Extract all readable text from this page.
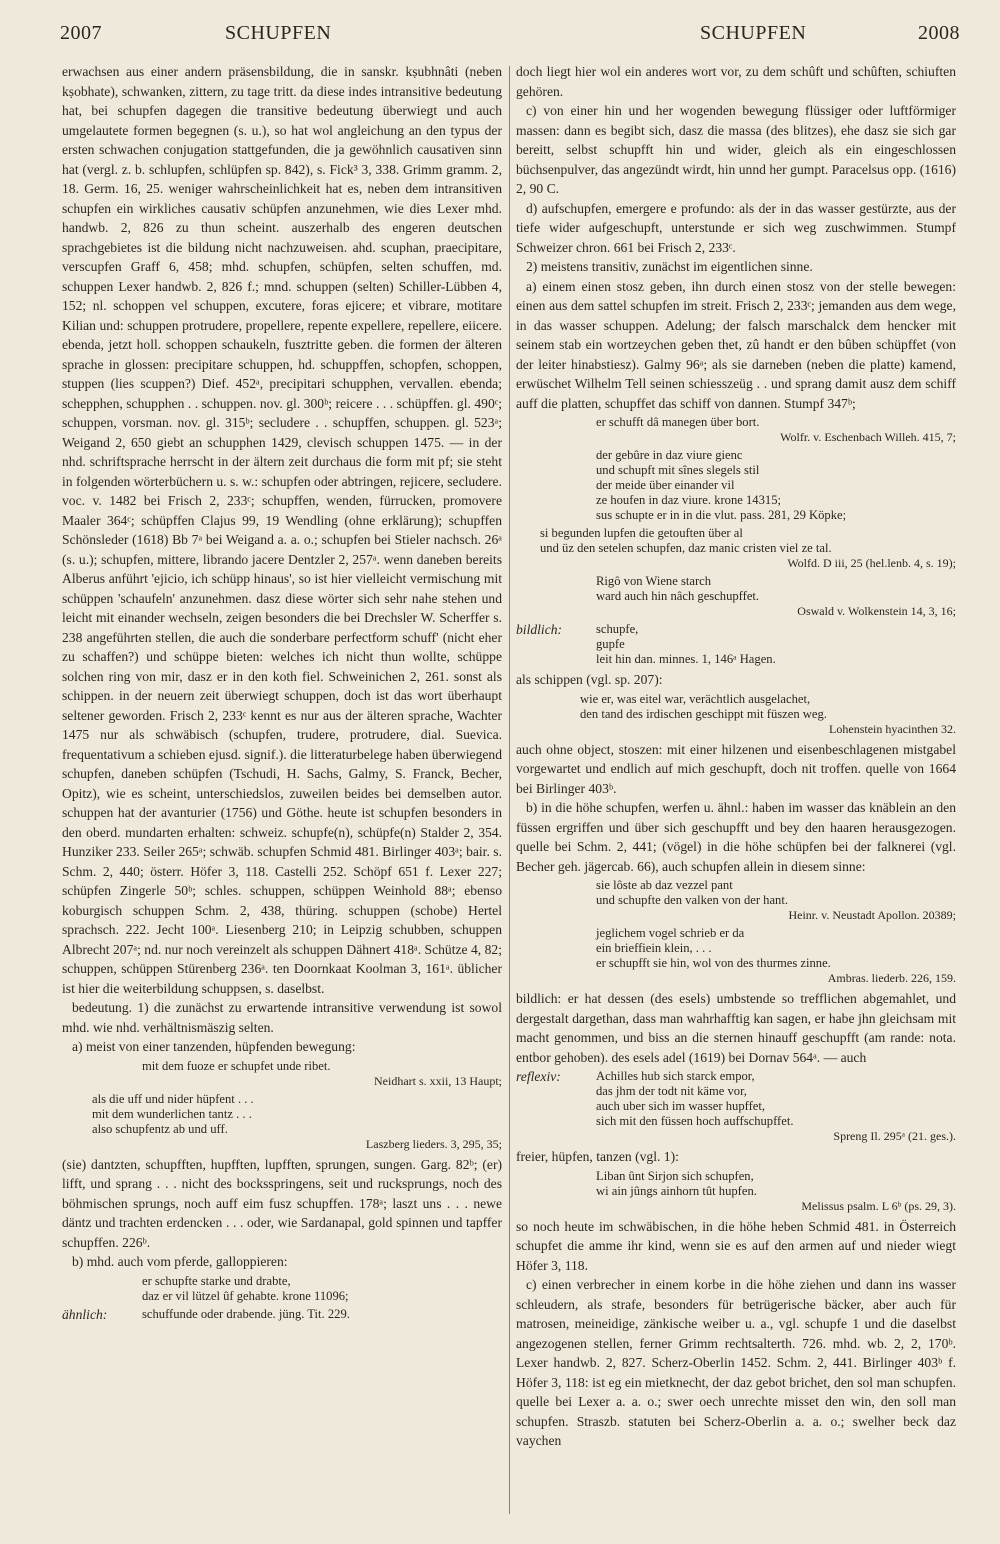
2007	SCHUPFEN	SCHUPFEN	2008

erwachsen aus einer andern präsensbildung, die in sanskr. kṣubhnâti (neben kṣobhate), schwanken, zittern, zu tage tritt. da diese indes intransitive bedeutung hat, bei schupfen dagegen die transitive bedeutung überwiegt und auch umgelautete formen begegnen (s. u.), so hat wol angleichung an den typus der ersten schwachen conjugation stattgefunden, die ja gewöhnlich causativen sinn hat (vergl. z. b. schlupfen, schlüpfen sp. 842), s. Fick³ 3, 338. Grimm gramm. 2, 18. Germ. 16, 25. weniger wahrscheinlichkeit hat es, neben dem intransitiven schupfen ein wirkliches causativ schüpfen anzunehmen, wie dies Lexer mhd. handwb. 2, 826 zu thun scheint. auszerhalb des engeren deutschen sprachgebietes ist die bildung nicht nachzuweisen. ahd. scuphan, praecipitare, verscupfen Graff 6, 458; mhd. schupfen, schüpfen, selten schuffen, md. schuppen Lexer handwb. 2, 826 f.; mnd. schuppen (selten) Schiller-Lübben 4, 152; nl. schoppen vel schuppen, excutere, foras ejicere; et vibrare, motitare Kilian und: schuppen protrudere, propellere, repente expellere, repellere, eiicere. ebenda, jetzt holl. schoppen schaukeln, fusztritte geben. die formen der älteren sprache in glossen: precipitare schuppen, hd. schuppffen, schopfen, schoppen, stuppen (lies scuppen?) Dief. 452ᵃ, precipitari schupphen, vervallen. ebenda; schepphen, schupphen . . schuppen. nov. gl. 300ᵇ; reicere . . . schüpffen. gl. 490ᶜ; schuppen, vorsman. nov. gl. 315ᵇ; secludere . . schupffen, schuppen. gl. 523ᵃ; Weigand 2, 650 giebt an schupphen 1429, clevisch schuppen 1475. — in der nhd. schriftsprache herrscht in der ältern zeit durchaus die form mit pf; sie steht in folgenden wörterbüchern u. s. w.: schupfen oder abtringen, rejicere, secludere. voc. v. 1482 bei Frisch 2, 233ᶜ; schupffen, wenden, fürrucken, promovere Maaler 364ᶜ; schüpffen Clajus 99, 19 Wendling (ohne erklärung); schupffen Schönsleder (1618) Bb 7ᵃ bei Weigand a. a. o.; schupfen bei Stieler nachsch. 26ᵃ (s. u.); schupfen, mittere, librando jacere Dentzler 2, 257ᵃ. wenn daneben bereits Alberus anführt 'ejicio, ich schüpp hinaus', so ist hier vielleicht vermischung mit schüppen 'schaufeln' anzunehmen. dasz diese wörter sich sehr nahe stehen und leicht mit einander wechseln, zeigen besonders die bei Drechsler W. Scherffer s. 238 angeführten stellen, die auch die sonderbare perfectform schuff' (nicht eher zu schaffen?) und schüppe bieten: welches ich nicht thun wollte, schüppe solchen ring von mir, dasz er in den koth fiel. Schweinichen 2, 261. sonst als schippen. in der neuern zeit überwiegt schuppen, doch ist das wort überhaupt seltener geworden. Frisch 2, 233ᶜ kennt es nur aus der älteren sprache, Wachter 1475 nur als schwäbisch (schupfen, trudere, protrudere, dial. Suevica. frequentativum a schieben ejusd. signif.). die litteraturbelege haben überwiegend schupfen, daneben schüpfen (Tschudi, H. Sachs, Galmy, S. Franck, Becher, Opitz), wie es scheint, unterschiedslos, zuweilen beides bei demselben autor. schuppen hat der avanturier (1756) und Göthe. heute ist schupfen besonders in den oberd. mundarten erhalten: schweiz. schupfe(n), schüpfe(n) Stalder 2, 354. Hunziker 233. Seiler 265ᵃ; schwäb. schupfen Schmid 481. Birlinger 403ᵃ; bair. s. Schm. 2, 440; österr. Höfer 3, 118. Castelli 252. Schöpf 651 f. Lexer 227; schüpfen Zingerle 50ᵇ; schles. schuppen, schüppen Weinhold 88ᵃ; ebenso koburgisch schuppen Schm. 2, 438, thüring. schuppen (schobe) Hertel sprachsch. 222. Jecht 100ᵃ. Liesenberg 210; in Leipzig schubben, schuppen Albrecht 207ᵃ; nd. nur noch vereinzelt als schuppen Dähnert 418ᵃ. Schütze 4, 82; schuppen, schüppen Stürenberg 236ᵃ. ten Doornkaat Koolman 3, 161ᵃ. üblicher ist hier die weiterbildung schuppsen, s. daselbst.

bedeutung. 1) die zunächst zu erwartende intransitive verwendung ist sowol mhd. wie nhd. verhältnismäszig selten.

a) meist von einer tanzenden, hüpfenden bewegung:

mit dem fuoze er schupfet unde ribet.
Neidhart s. xxii, 13 Haupt;
als die uff und nider hüpfent . . .
mit dem wunderlichen tantz . . .
also schupfentz ab und uff.
Laszberg lieders. 3, 295, 35;

(sie) dantzten, schupfften, hupfften, lupfften, sprungen, sungen. Garg. 82ᵇ; (er) lifft, und sprang . . . nicht des bocksspringens, seit und rucksprungs, noch des böhmischen sprungs, noch auff eim fusz schupffen. 178ᵃ; laszt uns . . . newe däntz und trachten erdencken . . . oder, wie Sardanapal, gold spinnen und tapffer schupffen. 226ᵇ.

b) mhd. auch vom pferde, galloppieren:

er schupfte starke und drabte,
daz er vil lützel ûf gehabte. krone 11096;
ähnlich:	schuffunde oder drabende. jüng. Tit. 229.

doch liegt hier wol ein anderes wort vor, zu dem schûft und schûften, schiuften gehören.

c) von einer hin und her wogenden bewegung flüssiger oder luftförmiger massen: dann es begibt sich, dasz die massa (des blitzes), ehe dasz sie sich gar bereitt, selbst schupfft hin und wider, gleich als ein eingeschlossen büchsenpulver, das angezündt wirdt, hin unnd her gumpt. Paracelsus opp. (1616) 2, 90 C.

d) aufschupfen, emergere e profundo: als der in das wasser gestürzte, aus der tiefe wider aufgeschupft, unterstunde er sich weg zuschwimmen. Stumpf Schweizer chron. 661 bei Frisch 2, 233ᶜ.

2) meistens transitiv, zunächst im eigentlichen sinne.

a) einem einen stosz geben, ihn durch einen stosz von der stelle bewegen: einen aus dem sattel schupfen im streit. Frisch 2, 233ᶜ; jemanden aus dem wege, in das wasser schuppen. Adelung; der falsch marschalck dem hencker mit seinem stab ein wortzeychen geben thet, zû handt er den bûben schüpffet (von der leiter hinabstiesz). Galmy 96ᵃ; als sie darneben (neben die platte) kamend, erwüschet Wilhelm Tell seinen schiesszeüg . . und sprang damit ausz dem schiff auff die platten, schupffet das schiff von dannen. Stumpf 347ᵇ;

er schufft dâ manegen über bort.
Wolfr. v. Eschenbach Willeh. 415, 7;
der gebûre in daz viure gienc
und schupft mit sînes slegels stil
der meide über einander vil
ze houfen in daz viure. krone 14315;
sus schupte er in in die vlut. pass. 281, 29 Köpke;
si begunden lupfen die getouften über al
und üz den setelen schupfen, daz manic cristen viel ze tal.
Wolfd. D iii, 25 (hel.lenb. 4, s. 19);
Rigô von Wiene starch
ward auch hin nâch geschupffet.
Oswald v. Wolkenstein 14, 3, 16;
bildlich:	schupfe,
gupfe
leit hin dan. minnes. 1, 146ᵃ Hagen.

als schippen (vgl. sp. 207):

wie er, was eitel war, verächtlich ausgelachet,
den tand des irdischen geschippt mit füszen weg.
Lohenstein hyacinthen 32.

auch ohne object, stoszen: mit einer hilzenen und eisenbeschlagenen mistgabel vorgewartet und endlich auf mich geschupft, doch nit troffen. quelle von 1664 bei Birlinger 403ᵇ.

b) in die höhe schupfen, werfen u. ähnl.: haben im wasser das knäblein an den füssen ergriffen und über sich geschupfft und bey den haaren herausgezogen. quelle bei Schm. 2, 441; (vögel) in die höhe schüpfen bei der falknerei (vgl. Becher geh. jägercab. 66), auch schupfen allein in diesem sinne:

sie lôste ab daz vezzel pant
und schupfte den valken von der hant.
Heinr. v. Neustadt Apollon. 20389;
jeglichem vogel schrieb er da
ein brieffiein klein, . . .
er schupfft sie hin, wol von des thurmes zinne.
Ambras. liederb. 226, 159.

bildlich: er hat dessen (des esels) umbstende so trefflichen abgemahlet, und dergestalt dargethan, dass man wahrhafftig kan sagen, er habe jhn gleichsam mit macht genommen, und biss an die sternen hinauff geschupfft (am rande: nota. entbor gehoben). des esels adel (1619) bei Dornav 564ᵃ. — auch

reflexiv:	Achilles hub sich starck empor,
das jhm der todt nit käme vor,
auch uber sich im wasser hupffet,
sich mit den füssen hoch auffschupffet.
Spreng Il. 295ᵃ (21. ges.).

freier, hüpfen, tanzen (vgl. 1):

Liban ûnt Sirjon sich schupfen,
wi ain jûngs ainhorn tût hupfen.
Melissus psalm. L 6ᵇ (ps. 29, 3).

so noch heute im schwäbischen, in die höhe heben Schmid 481. in Österreich schupfet die amme ihr kind, wenn sie es auf den armen auf und nieder wiegt Höfer 3, 118.

c) einen verbrecher in einem korbe in die höhe ziehen und dann ins wasser schleudern, als strafe, besonders für betrügerische bäcker, aber auch für matrosen, meineidige, zänkische weiber u. a., vgl. schupfe 1 und die daselbst angezogenen stellen, ferner Grimm rechtsalterth. 726. mhd. wb. 2, 2, 170ᵇ. Lexer handwb. 2, 827. Scherz-Oberlin 1452. Schm. 2, 441. Birlinger 403ᵇ f. Höfer 3, 118: ist eg ein mietknecht, der daz gebot brichet, den sol man schupfen. quelle bei Lexer a. a. o.; swer oech unrechte misset den win, den soll man schupfen. Straszb. statuten bei Scherz-Oberlin a. a. o.; swelher beck daz vaychen
